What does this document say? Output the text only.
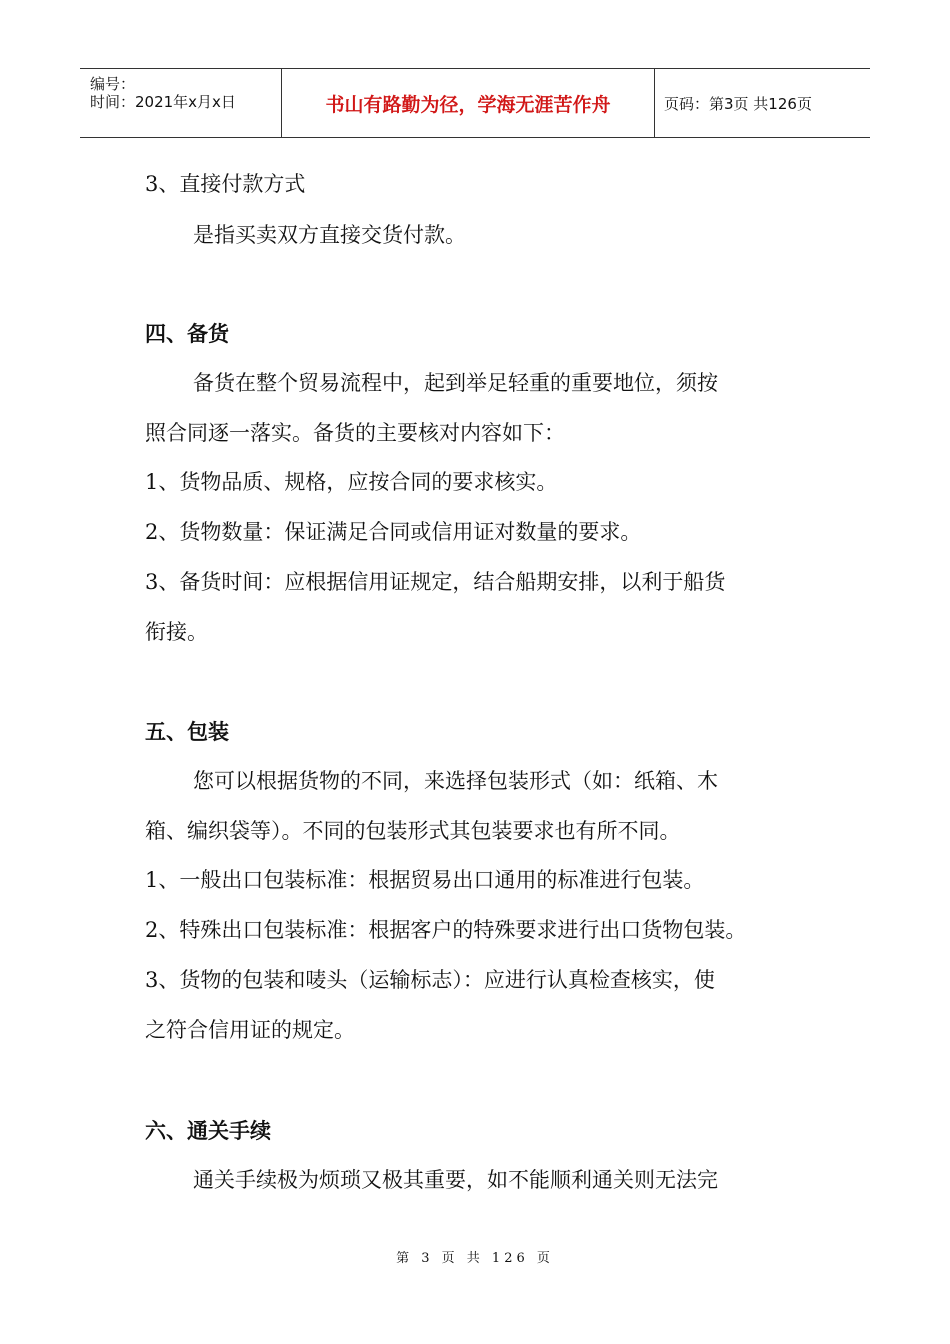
编号：
时间：2021年x月x日	书山有路勤为径，学海无涯苦作舟	页码：第3页 共126页
3、直接付款方式
是指买卖双方直接交货付款。
四、备货
备货在整个贸易流程中，起到举足轻重的重要地位，须按
照合同逐一落实。备货的主要核对内容如下：
1、货物品质、规格，应按合同的要求核实。
2、货物数量：保证满足合同或信用证对数量的要求。
3、备货时间：应根据信用证规定，结合船期安排，以利于船货
衔接。
五、包装
您可以根据货物的不同，来选择包装形式（如：纸箱、木
箱、编织袋等）。不同的包装形式其包装要求也有所不同。
1、一般出口包装标准：根据贸易出口通用的标准进行包装。
2、特殊出口包装标准：根据客户的特殊要求进行出口货物包装。
3、货物的包装和唛头（运输标志）：应进行认真检查核实，使
之符合信用证的规定。
六、通关手续
通关手续极为烦琐又极其重要，如不能顺利通关则无法完
第 3 页 共 126 页
